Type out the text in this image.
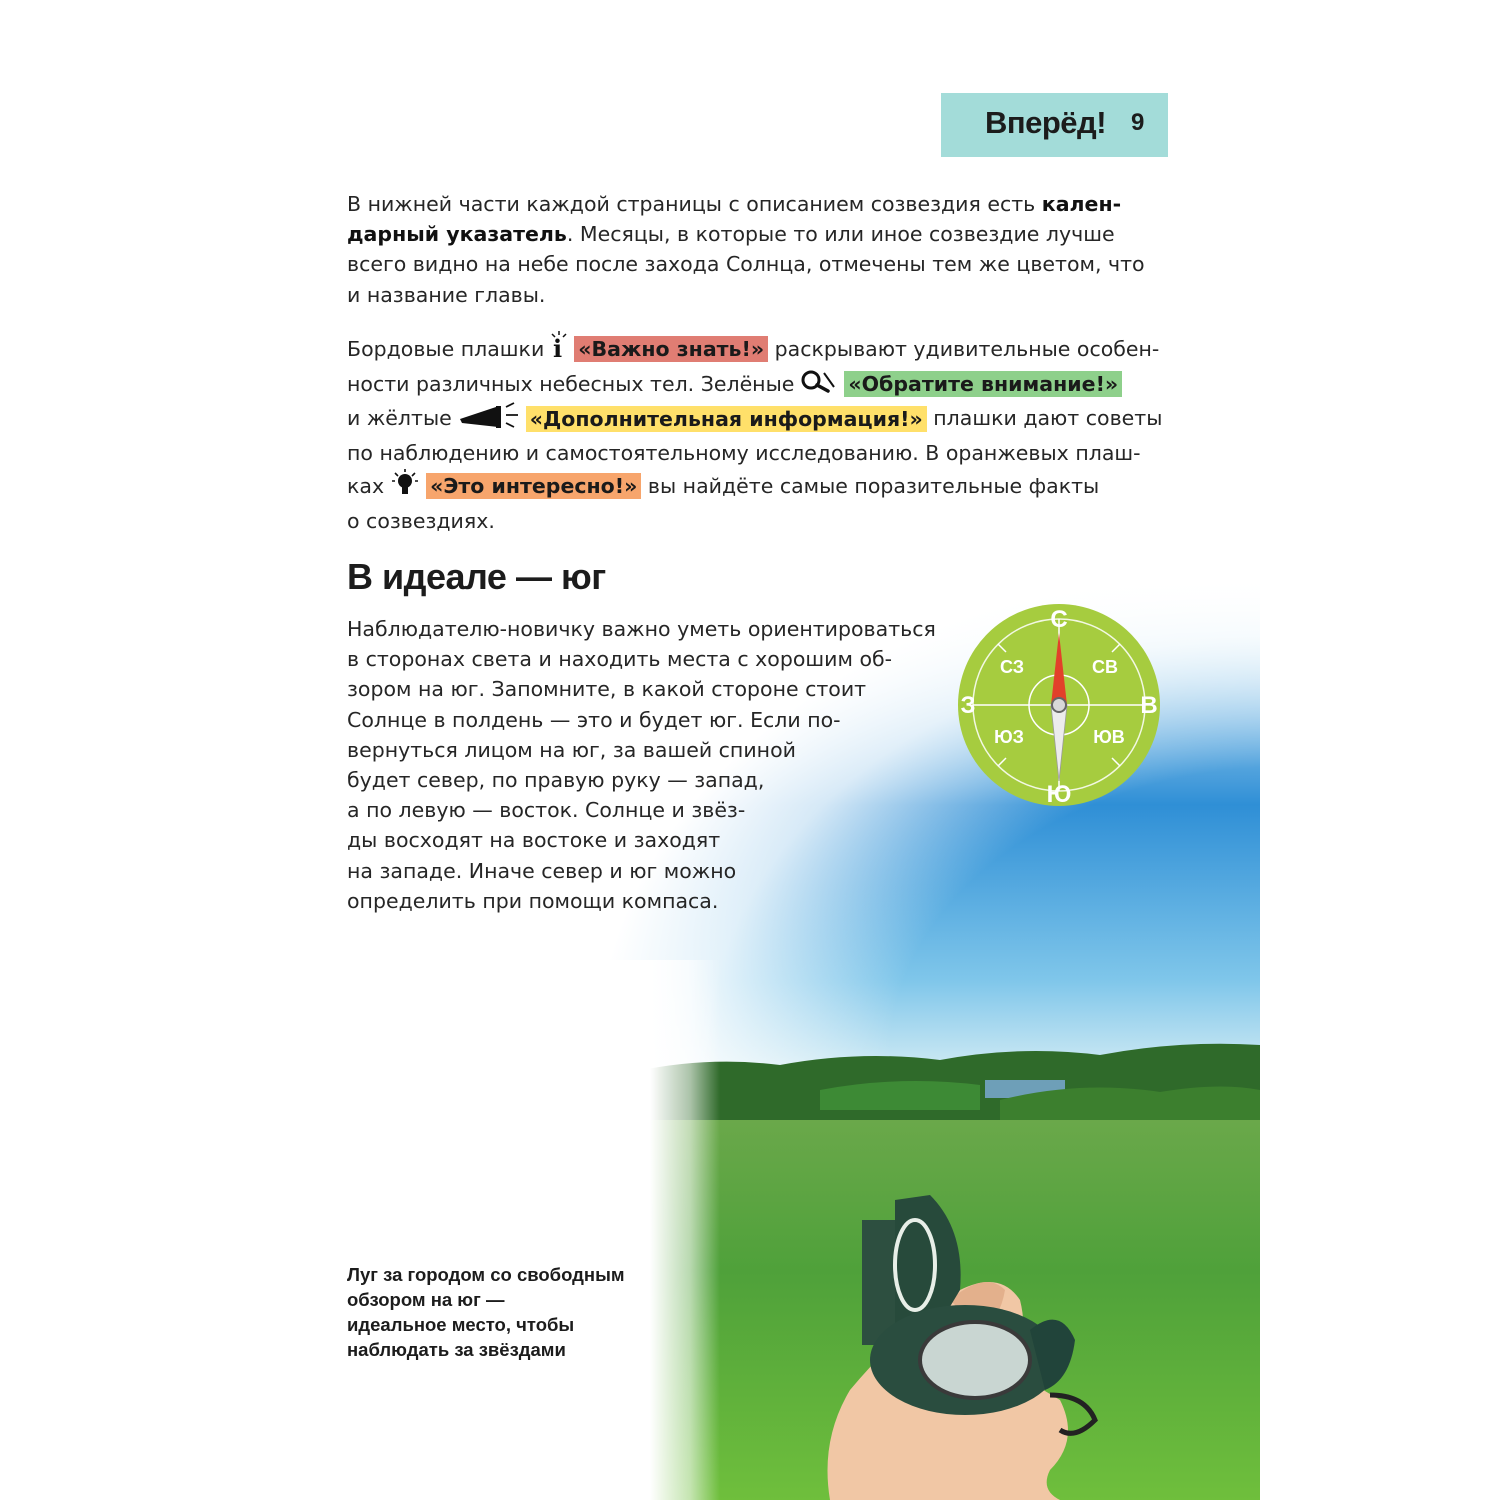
Вперёд! 9
В нижней части каждой страницы с описанием созвездия есть кален-
дарный указатель. Месяцы, в которые то или иное созвездие лучше
всего видно на небе после захода Солнца, отмечены тем же цветом, что
и название главы.
Бордовые плашки i «Важно знать!» раскрывают удивительные особен-
ности различных небесных тел. Зелёные	«Обратите внимание!»
и жёлтые	«Дополнительная информация!» плашки дают советы
по наблюдению и самостоятельному исследованию. В оранжевых плаш-
ках «Это интересно!» вы найдёте самые поразительные факты
о созвездиях.
В идеале — юг
Наблюдателю-новичку важно уметь ориентироваться
в сторонах света и находить места с хорошим об-
зором на юг. Запомните, в какой стороне стоит
Солнце в полдень — это и будет юг. Если по-
вернуться лицом на юг, за вашей спиной
будет север, по правую руку — запад,
а по левую — восток. Солнце и звёз-
ды восходят на востоке и заходят
на западе. Иначе север и юг можно
определить при помощи компаса.
С
Ю
З	В
СЗ	СВ
ЮЗ	ЮВ
Луг за городом со свободным
обзором на юг —
идеальное место, чтобы
наблюдать за звёздами
